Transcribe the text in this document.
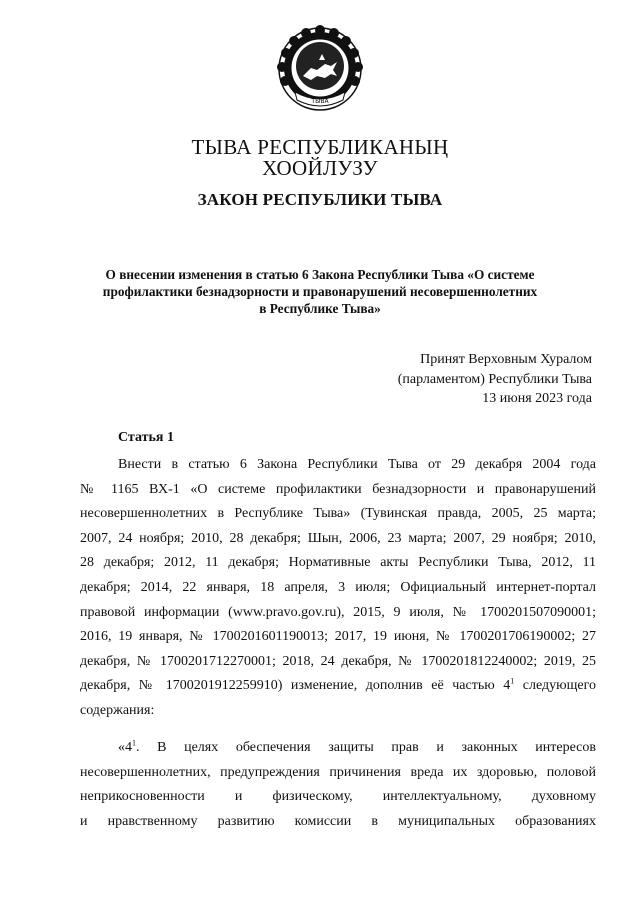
ТЫВА
ТЫВА РЕСПУБЛИКАНЫҢ
ХООЙЛУЗУ
ЗАКОН РЕСПУБЛИКИ ТЫВА
О внесении изменения в статью 6 Закона Республики Тыва «О системе
профилактики безнадзорности и правонарушений несовершеннолетних
в Республике Тыва»
Принят Верховным Хуралом
(парламентом) Республики Тыва
13 июня 2023 года
Статья 1
Внести в статью 6 Закона Республики Тыва от 29 декабря 2004 года
№ 1165 ВХ-1 «О системе профилактики безнадзорности и правонарушений
несовершеннолетних в Республике Тыва» (Тувинская правда, 2005, 25 марта;
2007, 24 ноября; 2010, 28 декабря; Шын, 2006, 23 марта; 2007, 29 ноября; 2010,
28 декабря; 2012, 11 декабря; Нормативные акты Республики Тыва, 2012, 11
декабря; 2014, 22 января, 18 апреля, 3 июля; Официальный интернет-портал
правовой информации (www.pravo.gov.ru), 2015, 9 июля, № 1700201507090001;
2016, 19 января, № 1700201601190013; 2017, 19 июня, № 1700201706190002; 27
декабря, № 1700201712270001; 2018, 24 декабря, № 1700201812240002; 2019, 25
декабря, № 1700201912259910) изменение, дополнив её частью $4^1$ следующего
содержания:
«$4^1$. В целях обеспечения защиты прав и законных интересов
несовершеннолетних, предупреждения причинения вреда их здоровью, половой
неприкосновенности и физическому, интеллектуальному, духовному
и нравственному развитию комиссии в муниципальных образованиях
